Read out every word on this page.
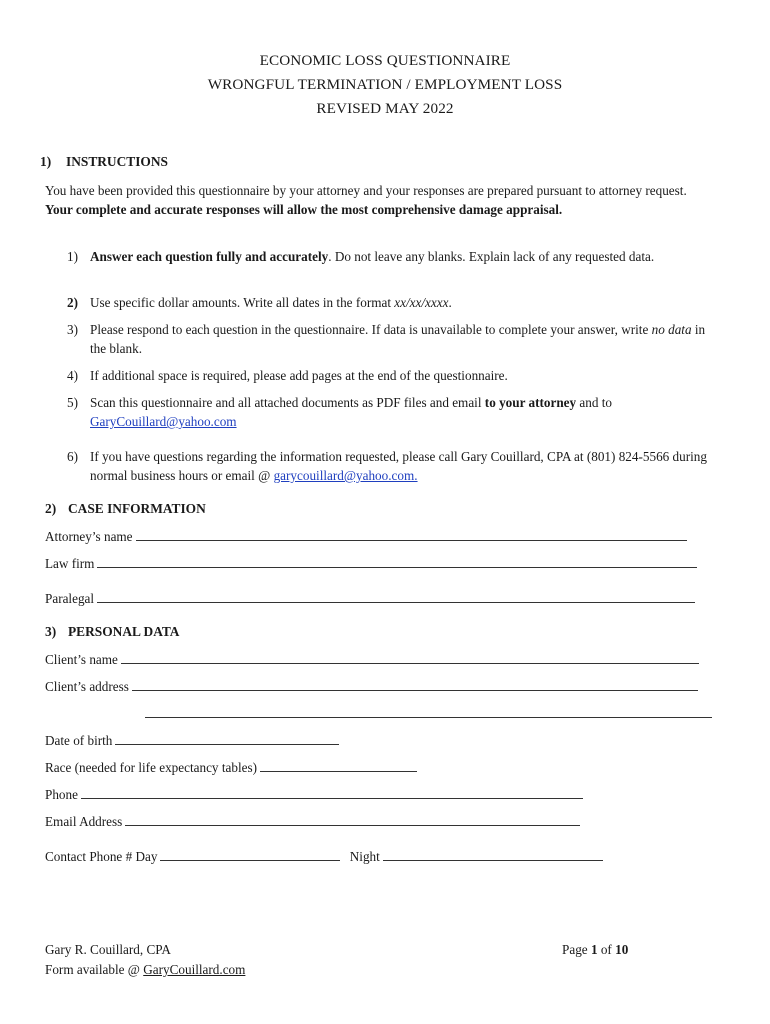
ECONOMIC LOSS QUESTIONNAIRE
WRONGFUL TERMINATION / EMPLOYMENT LOSS
REVISED MAY 2022
1) INSTRUCTIONS
You have been provided this questionnaire by your attorney and your responses are prepared pursuant to attorney request. Your complete and accurate responses will allow the most comprehensive damage appraisal.
1) Answer each question fully and accurately. Do not leave any blanks. Explain lack of any requested data.
2) Use specific dollar amounts. Write all dates in the format xx/xx/xxxx.
3) Please respond to each question in the questionnaire. If data is unavailable to complete your answer, write no data in the blank.
4) If additional space is required, please add pages at the end of the questionnaire.
5) Scan this questionnaire and all attached documents as PDF files and email to your attorney and to
GaryCouillard@yahoo.com
6) If you have questions regarding the information requested, please call Gary Couillard, CPA at (801) 824-5566 during normal business hours or email @ garycouillard@yahoo.com.
2) CASE INFORMATION
Attorney’s name
Law firm
Paralegal
3) PERSONAL DATA
Client’s name
Client’s address
Date of birth
Race (needed for life expectancy tables)
Phone
Email Address
Contact Phone # Day	Night
Gary R. Couillard, CPA
Form available @ GaryCouillard.com
Page 1 of 10
